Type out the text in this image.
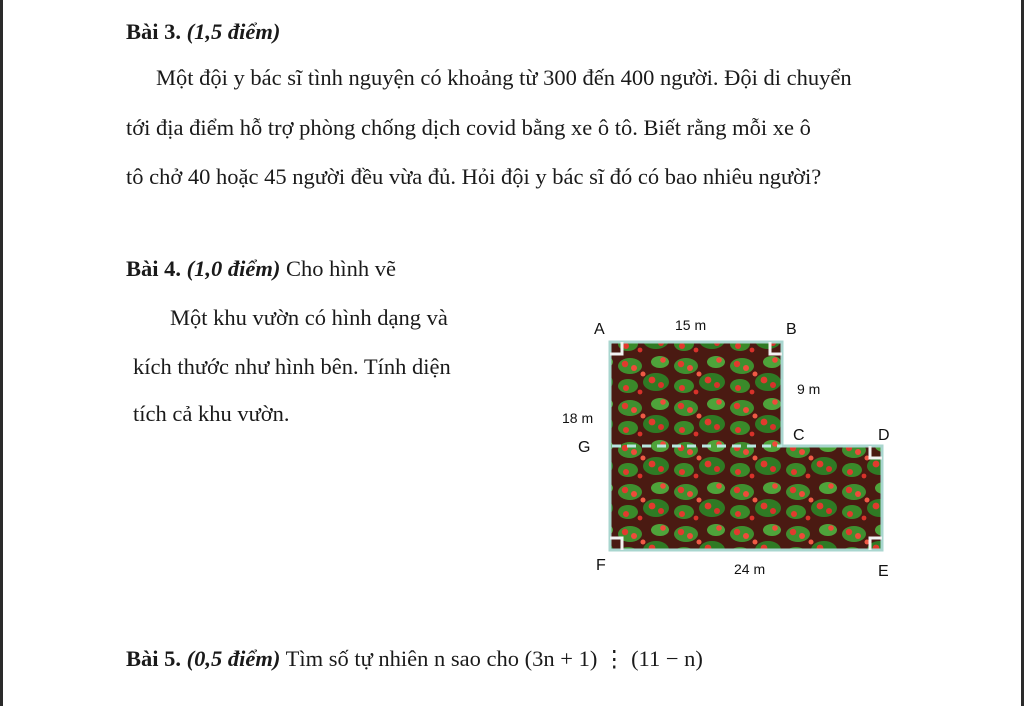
Bài 3. (1,5 điểm)
Một đội y bác sĩ tình nguyện có khoảng từ 300 đến 400 người. Đội di chuyển
tới địa điểm hỗ trợ phòng chống dịch covid bằng xe ô tô. Biết rằng mỗi xe ô
tô chở 40 hoặc 45 người đều vừa đủ. Hỏi đội y bác sĩ đó có bao nhiêu người?
Bài 4. (1,0 điểm) Cho hình vẽ
Một khu vườn có hình dạng và
kích thước như hình bên. Tính diện
tích cả khu vườn.
15 m
9 m
18 m
24 m
A	B
C	D
G
F	E
Bài 5. (0,5 điểm) Tìm số tự nhiên n sao cho (3n + 1) ⋮ (11 − n)
